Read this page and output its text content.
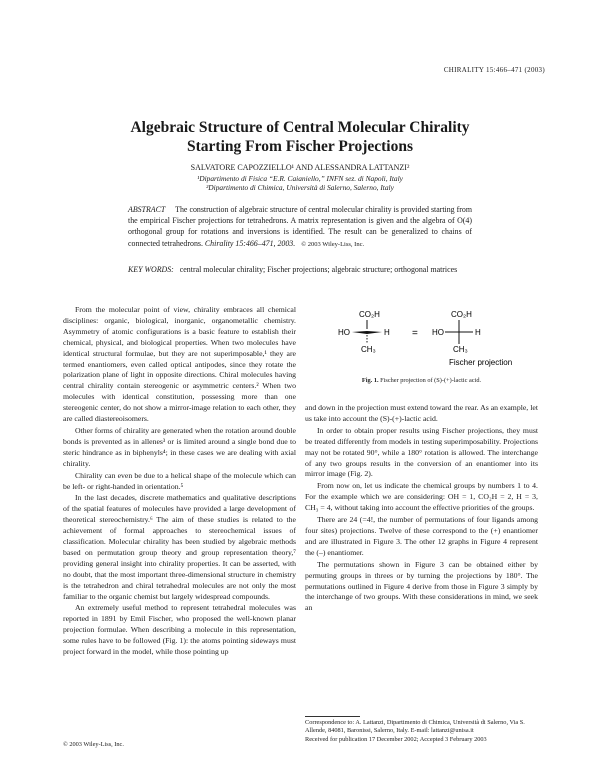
CHIRALITY 15:466–471 (2003)
Algebraic Structure of Central Molecular Chirality
Starting From Fischer Projections
SALVATORE CAPOZZIELLO¹ AND ALESSANDRA LATTANZI²
¹Dipartimento di Fisica “E.R. Caianiello,” INFN sez. di Napoli, Italy
²Dipartimento di Chimica, Università di Salerno, Salerno, Italy
ABSTRACT The construction of algebraic structure of central molecular chirality is provided starting from the empirical Fischer projections for tetrahedrons. A matrix representation is given and the algebra of O(4) orthogonal group for rotations and inversions is identified. The result can be generalized to chains of connected tetrahedrons. Chirality 15:466–471, 2003. © 2003 Wiley-Liss, Inc.
KEY WORDS: central molecular chirality; Fischer projections; algebraic structure; orthogonal matrices

From the molecular point of view, chirality embraces all chemical disciplines: organic, biological, inorganic, organometallic chemistry. Asymmetry of atomic configurations is a basic feature to establish their chemical, physical, and biological properties. When two molecules have identical structural formulae, but they are not superimposable,¹ they are termed enantiomers, even called optical antipodes, since they rotate the polarization plane of light in opposite directions. Chiral molecules having central chirality contain stereogenic or asymmetric centers.² When two molecules with identical constitution, possessing more than one stereogenic center, do not show a mirror-image relation to each other, they are called diastereoisomers.

Other forms of chirality are generated when the rotation around double bonds is prevented as in allenes³ or is limited around a single bond due to steric hindrance as in biphenyls⁴; in these cases we are dealing with axial chirality.

Chirality can even be due to a helical shape of the molecule which can be left- or right-handed in orientation.⁵

In the last decades, discrete mathematics and qualitative descriptions of the spatial features of molecules have provided a large development of theoretical stereochemistry.⁶ The aim of these studies is related to the achievement of formal approaches to stereochemical issues of classification. Molecular chirality has been studied by algebraic methods based on permutation group theory and group representation theory,⁷ providing general insight into chirality properties. It can be asserted, with no doubt, that the most important three-dimensional structure in chemistry is the tetrahedron and chiral tetrahedral molecules are not only the most familiar to the organic chemist but largely widespread compounds.

An extremely useful method to represent tetrahedral molecules was reported in 1891 by Emil Fischer, who proposed the well-known planar projection formulae. When describing a molecule in this representation, some rules have to be followed (Fig. 1): the atoms pointing sideways must project forward in the model, while those pointing up

© 2003 Wiley-Liss, Inc.
CO₂H
HO	H
CH₃
=
CO₂H
HO	H
CH₃
Fischer projection
Fig. 1. Fischer projection of (S)-(+)-lactic acid.

and down in the projection must extend toward the rear. As an example, let us take into account the (S)-(+)-lactic acid.

In order to obtain proper results using Fischer projections, they must be treated differently from models in testing superimposability. Projections may not be rotated 90°, while a 180° rotation is allowed. The interchange of any two groups results in the conversion of an enantiomer into its mirror image (Fig. 2).

From now on, let us indicate the chemical groups by numbers 1 to 4. For the example which we are considering: OH = 1, CO₂H = 2, H = 3, CH₃ = 4, without taking into account the effective priorities of the groups.

There are 24 (=4!, the number of permutations of four ligands among four sites) projections. Twelve of these correspond to the (+) enantiomer and are illustrated in Figure 3. The other 12 graphs in Figure 4 represent the (–) enantiomer.

The permutations shown in Figure 3 can be obtained either by permuting groups in threes or by turning the projections by 180°. The permutations outlined in Figure 4 derive from those in Figure 3 simply by the interchange of two groups. With these considerations in mind, we seek an

Correspondence to: A. Lattanzi, Dipartimento di Chimica, Università di Salerno, Via S. Allende, 84081, Baronissi, Salerno, Italy. E-mail: lattanzi@unisa.it

Received for publication 17 December 2002; Accepted 3 February 2003
